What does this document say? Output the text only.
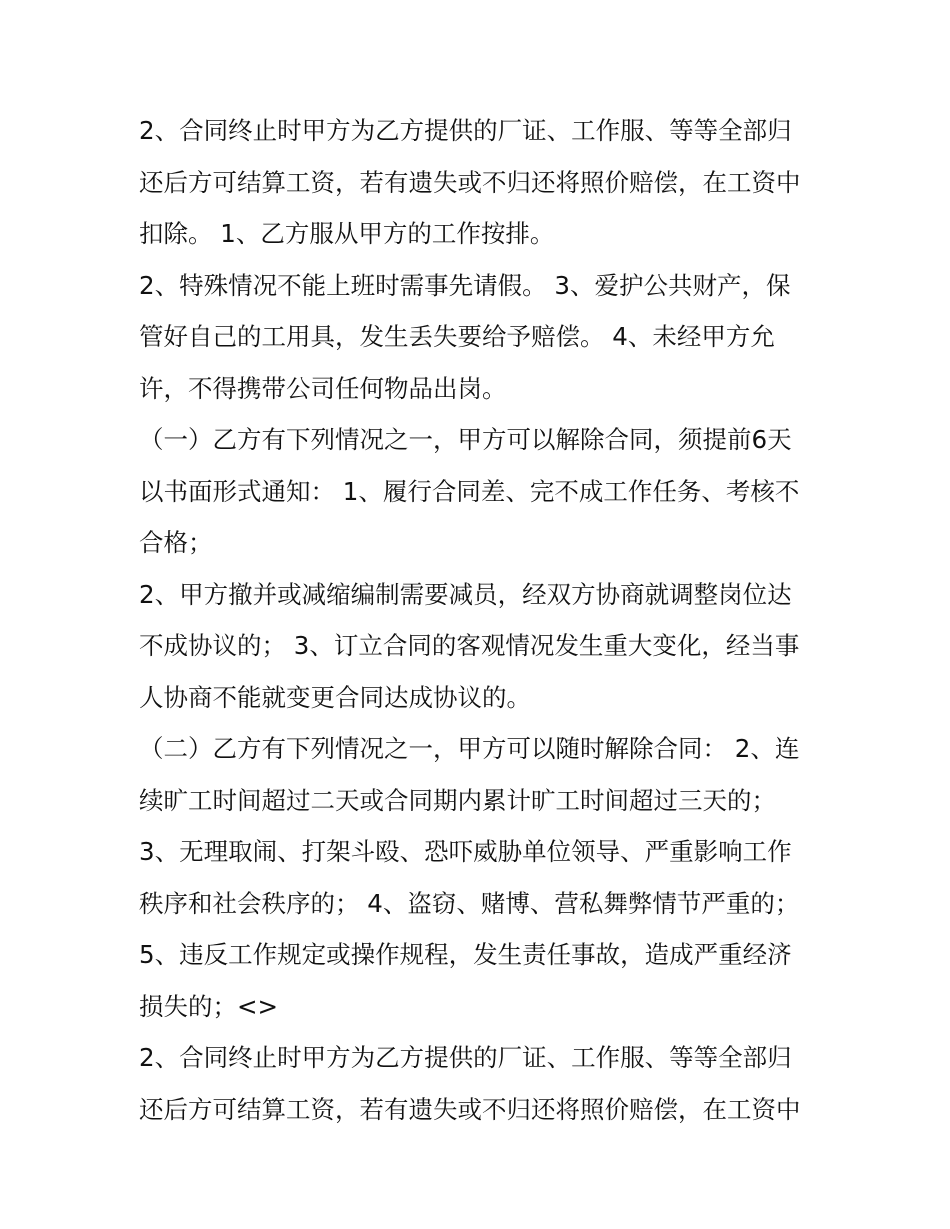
2、合同终止时甲方为乙方提供的厂证、工作服、等等全部归
还后方可结算工资，若有遗失或不归还将照价赔偿，在工资中
扣除。 1、乙方服从甲方的工作按排。
2、特殊情况不能上班时需事先请假。 3、爱护公共财产，保
管好自己的工用具，发生丢失要给予赔偿。 4、未经甲方允
许，不得携带公司任何物品出岗。
（一）乙方有下列情况之一，甲方可以解除合同，须提前6天
以书面形式通知： 1、履行合同差、完不成工作任务、考核不
合格；
2、甲方撤并或减缩编制需要减员，经双方协商就调整岗位达
不成协议的； 3、订立合同的客观情况发生重大变化，经当事
人协商不能就变更合同达成协议的。
（二）乙方有下列情况之一，甲方可以随时解除合同： 2、连
续旷工时间超过二天或合同期内累计旷工时间超过三天的；
3、无理取闹、打架斗殴、恐吓威胁单位领导、严重影响工作
秩序和社会秩序的； 4、盗窃、赌博、营私舞弊情节严重的；
5、违反工作规定或操作规程，发生责任事故，造成严重经济
损失的；<>
2、合同终止时甲方为乙方提供的厂证、工作服、等等全部归
还后方可结算工资，若有遗失或不归还将照价赔偿，在工资中
